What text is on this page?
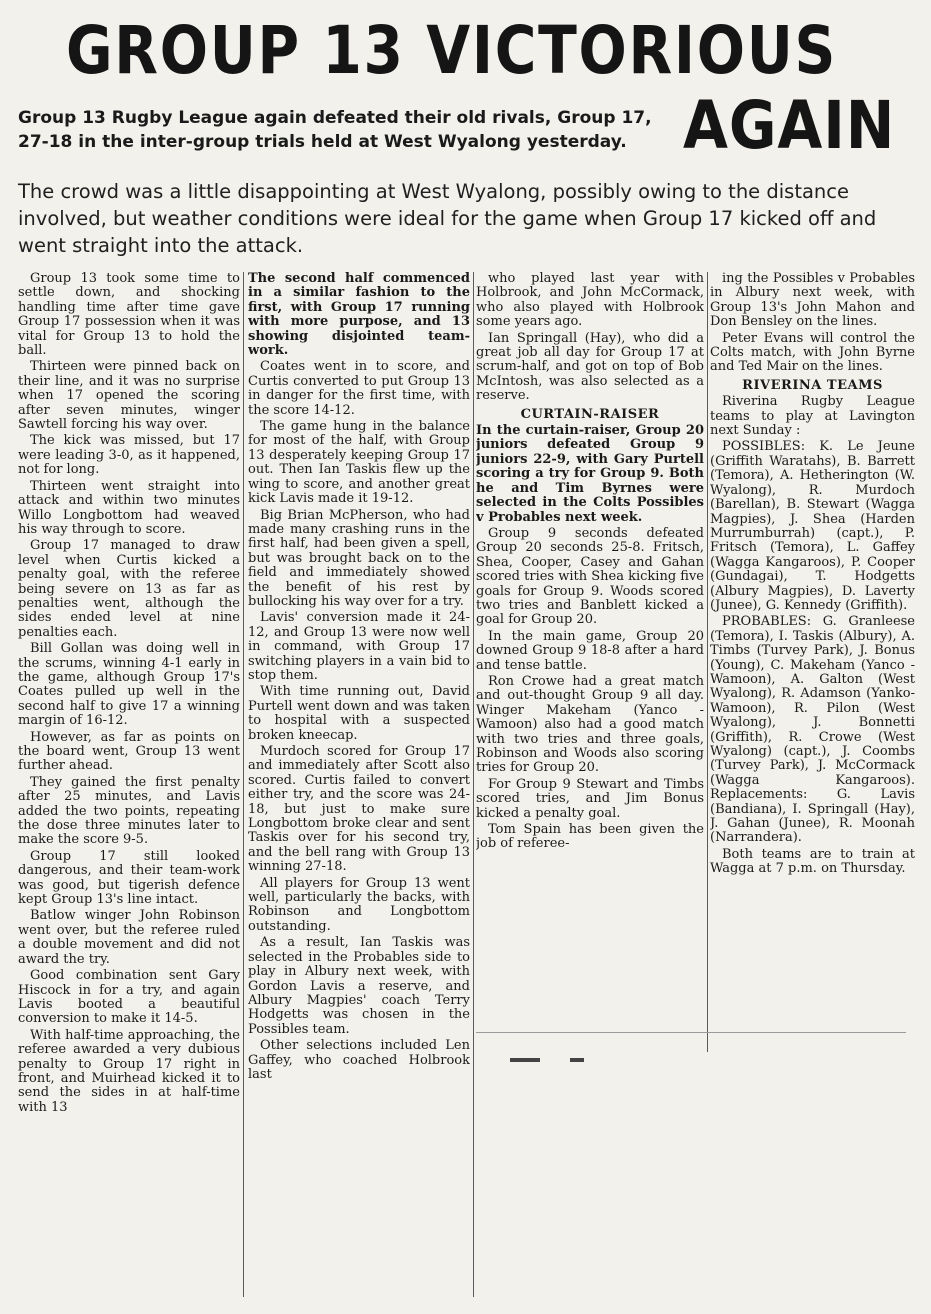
GROUP 13 VICTORIOUS
AGAIN
Group 13 Rugby League again defeated their old rivals, Group 17, 27-18 in the inter-group trials held at West Wyalong yesterday.
The crowd was a little disappointing at West Wyalong, possibly owing to the distance involved, but weather conditions were ideal for the game when Group 17 kicked off and went straight into the attack.

Group 13 took some time to settle down, and shocking handling time after time gave Group 17 possession when it was vital for Group 13 to hold the ball.

Thirteen were pinned back on their line, and it was no surprise when 17 opened the scoring after seven minutes, winger Sawtell forcing his way over.

The kick was missed, but 17 were leading 3-0, as it happened, not for long.

Thirteen went straight into attack and within two minutes Willo Longbottom had weaved his way through to score.

Group 17 managed to draw level when Curtis kicked a penalty goal, with the referee being severe on 13 as far as penalties went, although the sides ended level at nine penalties each.

Bill Gollan was doing well in the scrums, winning 4-1 early in the game, although Group 17's Coates pulled up well in the second half to give 17 a winning margin of 16-12.

However, as far as points on the board went, Group 13 went further ahead.

They gained the first penalty after 25 minutes, and Lavis added the two points, repeating the dose three minutes later to make the score 9-5.

Group 17 still looked dangerous, and their team-work was good, but tigerish defence kept Group 13's line intact.

Batlow winger John Robinson went over, but the referee ruled a double movement and did not award the try.

Good combination sent Gary Hiscock in for a try, and again Lavis booted a beautiful conversion to make it 14-5.

With half-time approaching, the referee awarded a very dubious penalty to Group 17 right in front, and Muirhead kicked it to send the sides in at half-time with 13

The second half commenced in a similar fashion to the first, with Group 17 running with more purpose, and 13 showing disjointed team-work.

Coates went in to score, and Curtis converted to put Group 13 in danger for the first time, with the score 14-12.

The game hung in the balance for most of the half, with Group 13 desperately keeping Group 17 out. Then Ian Taskis flew up the wing to score, and another great kick Lavis made it 19-12.

Big Brian McPherson, who had made many crashing runs in the first half, had been given a spell, but was brought back on to the field and immediately showed the benefit of his rest by bullocking his way over for a try.

Lavis' conversion made it 24-12, and Group 13 were now well in command, with Group 17 switching players in a vain bid to stop them.

With time running out, David Purtell went down and was taken to hospital with a suspected broken kneecap.

Murdoch scored for Group 17 and immediately after Scott also scored. Curtis failed to convert either try, and the score was 24-18, but just to make sure Longbottom broke clear and sent Taskis over for his second try, and the bell rang with Group 13 winning 27-18.

All players for Group 13 went well, particularly the backs, with Robinson and Longbottom outstanding.

As a result, Ian Taskis was selected in the Probables side to play in Albury next week, with Gordon Lavis a reserve, and Albury Magpies' coach Terry Hodgetts was chosen in the Possibles team.

Other selections included Len Gaffey, who coached Holbrook last

who played last year with Holbrook, and John McCormack, who also played with Holbrook some years ago.

Ian Springall (Hay), who did a great job all day for Group 17 at scrum-half, and got on top of Bob McIntosh, was also selected as a reserve.

CURTAIN-RAISER

In the curtain-raiser, Group 20 juniors defeated Group 9 juniors 22-9, with Gary Purtell scoring a try for Group 9. Both he and Tim Byrnes were selected in the Colts Possibles v Probables next week.

Group 9 seconds defeated Group 20 seconds 25-8. Fritsch, Shea, Cooper, Casey and Gahan scored tries with Shea kicking five goals for Group 9. Woods scored two tries and Banblett kicked a goal for Group 20.

In the main game, Group 20 downed Group 9 18-8 after a hard and tense battle.

Ron Crowe had a great match and out-thought Group 9 all day. Winger Makeham (Yanco - Wamoon) also had a good match with two tries and three goals, Robinson and Woods also scoring tries for Group 20.

For Group 9 Stewart and Timbs scored tries, and Jim Bonus kicked a penalty goal.

Tom Spain has been given the job of referee-

ing the Possibles v Probables in Albury next week, with Group 13's John Mahon and Don Bensley on the lines.

Peter Evans will control the Colts match, with John Byrne and Ted Mair on the lines.

RIVERINA TEAMS

Riverina Rugby League teams to play at Lavington next Sunday :

POSSIBLES: K. Le Jeune (Griffith Waratahs), B. Barrett (Temora), A. Hetherington (W. Wyalong), R. Murdoch (Barellan), B. Stewart (Wagga Magpies), J. Shea (Harden Murrumburrah) (capt.), P. Fritsch (Temora), L. Gaffey (Wagga Kangaroos), P. Cooper (Gundagai), T. Hodgetts (Albury Magpies), D. Laverty (Junee), G. Kennedy (Griffith).

PROBABLES: G. Granleese (Temora), I. Taskis (Albury), A. Timbs (Turvey Park), J. Bonus (Young), C. Makeham (Yanco - Wamoon), A. Galton (West Wyalong), R. Adamson (Yanko-Wamoon), R. Pilon (West Wyalong), J. Bonnetti (Griffith), R. Crowe (West Wyalong) (capt.), J. Coombs (Turvey Park), J. McCormack (Wagga Kangaroos). Replacements: G. Lavis (Bandiana), I. Springall (Hay), J. Gahan (Junee), R. Moonah (Narrandera).

Both teams are to train at Wagga at 7 p.m. on Thursday.
